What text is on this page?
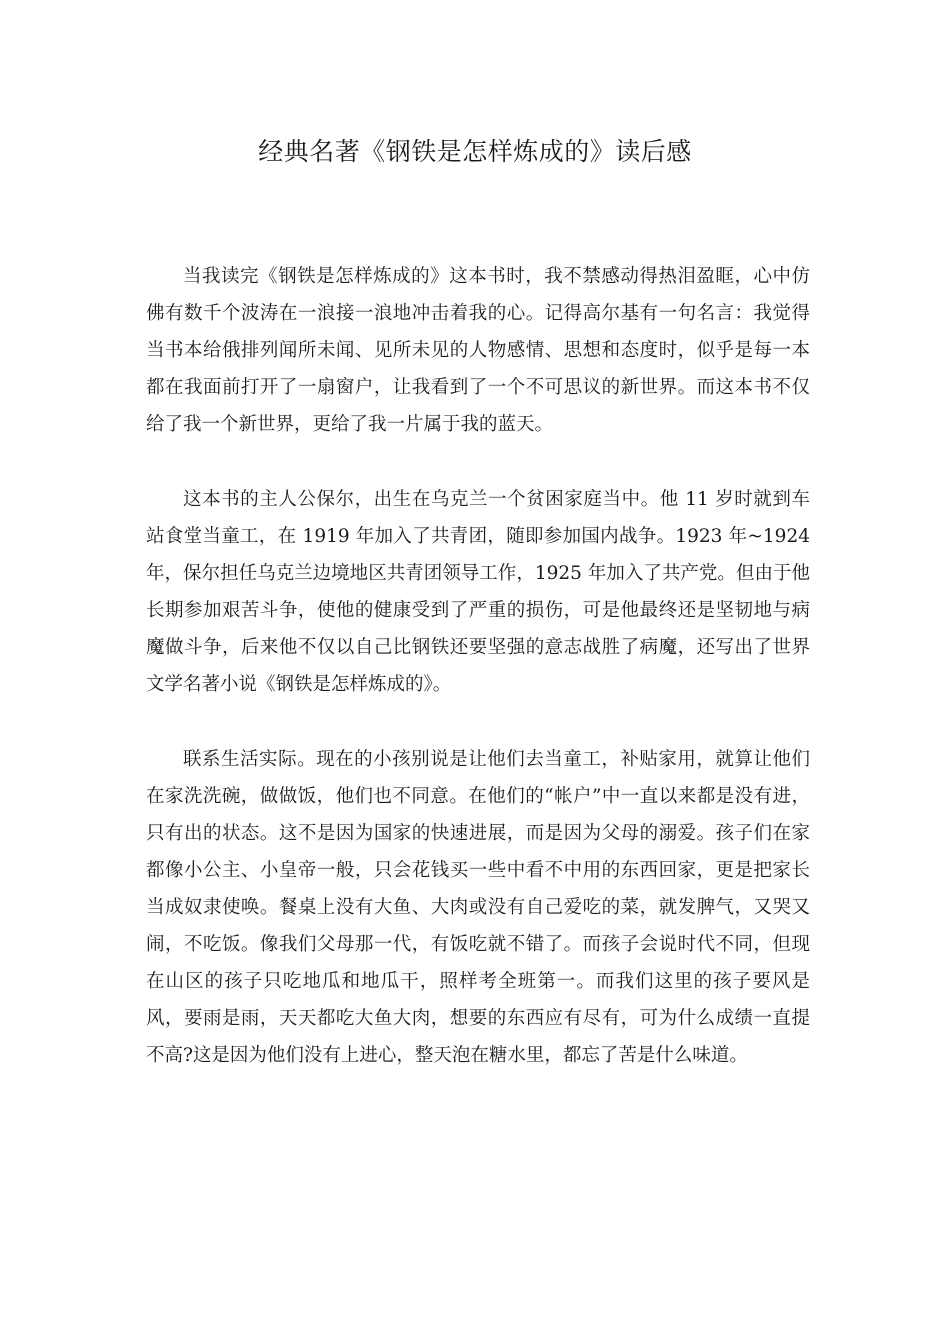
经典名著《钢铁是怎样炼成的》读后感

当我读完《钢铁是怎样炼成的》这本书时，我不禁感动得热泪盈眶，心中仿佛有数千个波涛在一浪接一浪地冲击着我的心。记得高尔基有一句名言：我觉得当书本给俄排列闻所未闻、见所未见的人物感情、思想和态度时，似乎是每一本都在我面前打开了一扇窗户，让我看到了一个不可思议的新世界。而这本书不仅给了我一个新世界，更给了我一片属于我的蓝天。

这本书的主人公保尔，出生在乌克兰一个贫困家庭当中。他 11 岁时就到车站食堂当童工，在 1919 年加入了共青团，随即参加国内战争。1923 年~1924 年，保尔担任乌克兰边境地区共青团领导工作，1925 年加入了共产党。但由于他长期参加艰苦斗争，使他的健康受到了严重的损伤，可是他最终还是坚韧地与病魔做斗争，后来他不仅以自己比钢铁还要坚强的意志战胜了病魔，还写出了世界文学名著小说《钢铁是怎样炼成的》。

联系生活实际。现在的小孩别说是让他们去当童工，补贴家用，就算让他们在家洗洗碗，做做饭，他们也不同意。在他们的“帐户”中一直以来都是没有进，只有出的状态。这不是因为国家的快速进展，而是因为父母的溺爱。孩子们在家都像小公主、小皇帝一般，只会花钱买一些中看不中用的东西回家，更是把家长当成奴隶使唤。餐桌上没有大鱼、大肉或没有自己爱吃的菜，就发脾气，又哭又闹，不吃饭。像我们父母那一代，有饭吃就不错了。而孩子会说时代不同，但现在山区的孩子只吃地瓜和地瓜干，照样考全班第一。而我们这里的孩子要风是风，要雨是雨，天天都吃大鱼大肉，想要的东西应有尽有，可为什么成绩一直提不高?这是因为他们没有上进心，整天泡在糖水里，都忘了苦是什么味道。
